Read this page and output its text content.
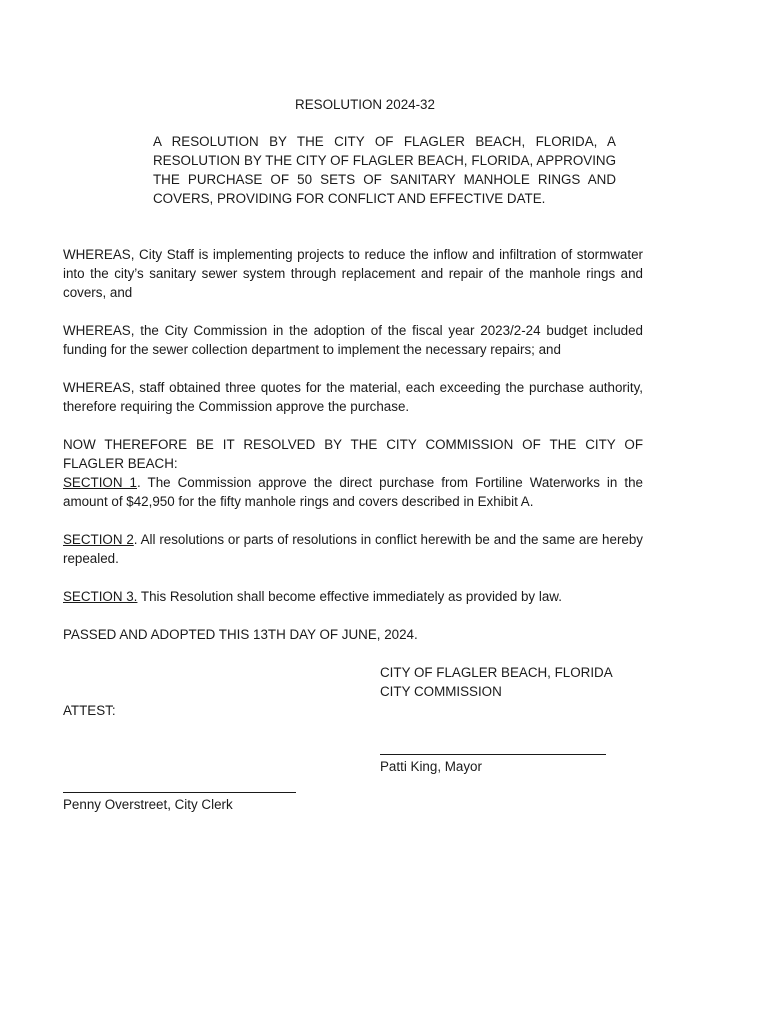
RESOLUTION 2024-32
A RESOLUTION BY THE CITY OF FLAGLER BEACH, FLORIDA, A RESOLUTION BY THE CITY OF FLAGLER BEACH, FLORIDA, APPROVING THE PURCHASE OF 50 SETS OF SANITARY MANHOLE RINGS AND COVERS, PROVIDING FOR CONFLICT AND EFFECTIVE DATE.

WHEREAS, City Staff is implementing projects to reduce the inflow and infiltration of stormwater into the city’s sanitary sewer system through replacement and repair of the manhole rings and covers, and

WHEREAS, the City Commission in the adoption of the fiscal year 2023/2-24 budget included funding for the sewer collection department to implement the necessary repairs; and

WHEREAS, staff obtained three quotes for the material, each exceeding the purchase authority, therefore requiring the Commission approve the purchase.

NOW THEREFORE BE IT RESOLVED BY THE CITY COMMISSION OF THE CITY OF FLAGLER BEACH:

SECTION 1. The Commission approve the direct purchase from Fortiline Waterworks in the amount of $42,950 for the fifty manhole rings and covers described in Exhibit A.

SECTION 2. All resolutions or parts of resolutions in conflict herewith be and the same are hereby repealed.

SECTION 3. This Resolution shall become effective immediately as provided by law.

PASSED AND ADOPTED THIS 13TH DAY OF JUNE, 2024.

CITY OF FLAGLER BEACH, FLORIDA
CITY COMMISSION
ATTEST:
Patti King, Mayor
Penny Overstreet, City Clerk
